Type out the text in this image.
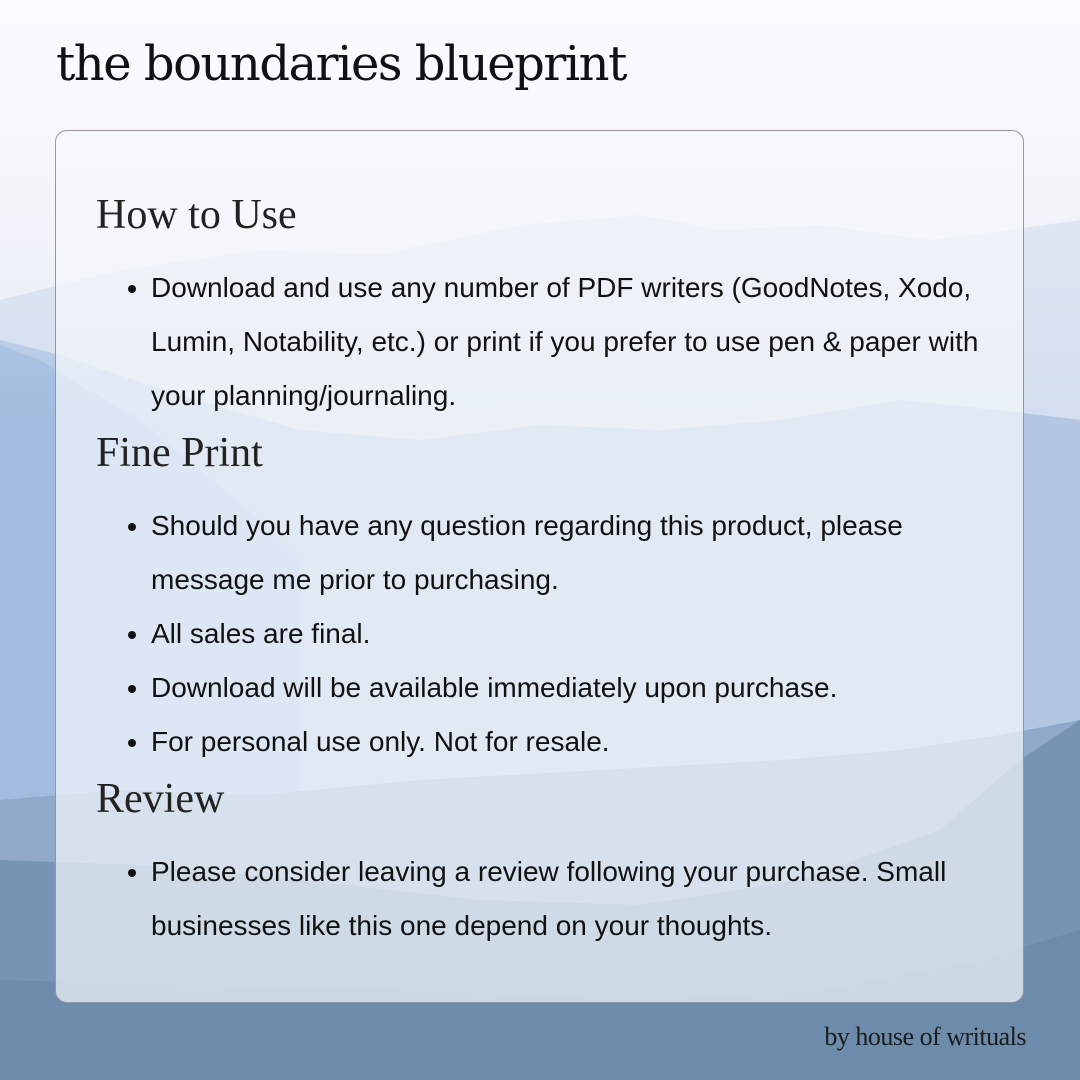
the boundaries blueprint
How to Use
• Download and use any number of PDF writers (GoodNotes, Xodo, Lumin, Notability, etc.) or print if you prefer to use pen & paper with your planning/journaling.
Fine Print
• Should you have any question regarding this product, please message me prior to purchasing.
• All sales are final.
• Download will be available immediately upon purchase.
• For personal use only. Not for resale.
Review
• Please consider leaving a review following your purchase. Small businesses like this one depend on your thoughts.
by house of writuals
